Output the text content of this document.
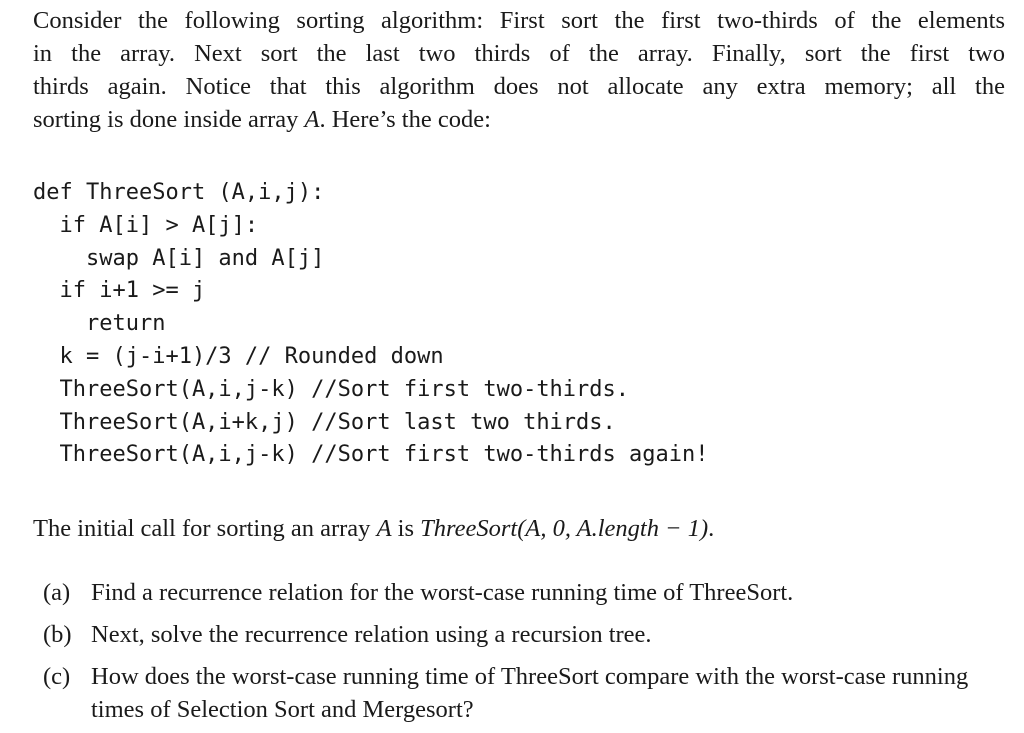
Consider the following sorting algorithm: First sort the first two-thirds of the elements
in the array. Next sort the last two thirds of the array. Finally, sort the first two
thirds again. Notice that this algorithm does not allocate any extra memory; all the
sorting is done inside array A. Here’s the code:

def ThreeSort (A,i,j):
if A[i] > A[j]:
swap A[i] and A[j]
if i+1 >= j
return
k = (j-i+1)/3 // Rounded down
ThreeSort(A,i,j-k) //Sort first two-thirds.
ThreeSort(A,i+k,j) //Sort last two thirds.
ThreeSort(A,i,j-k) //Sort first two-thirds again!

The initial call for sorting an array A is ThreeSort(A, 0, A.length − 1).

(a) Find a recurrence relation for the worst-case running time of ThreeSort.
(b) Next, solve the recurrence relation using a recursion tree.
(c) How does the worst-case running time of ThreeSort compare with the worst-case running times of Selection Sort and Mergesort?
